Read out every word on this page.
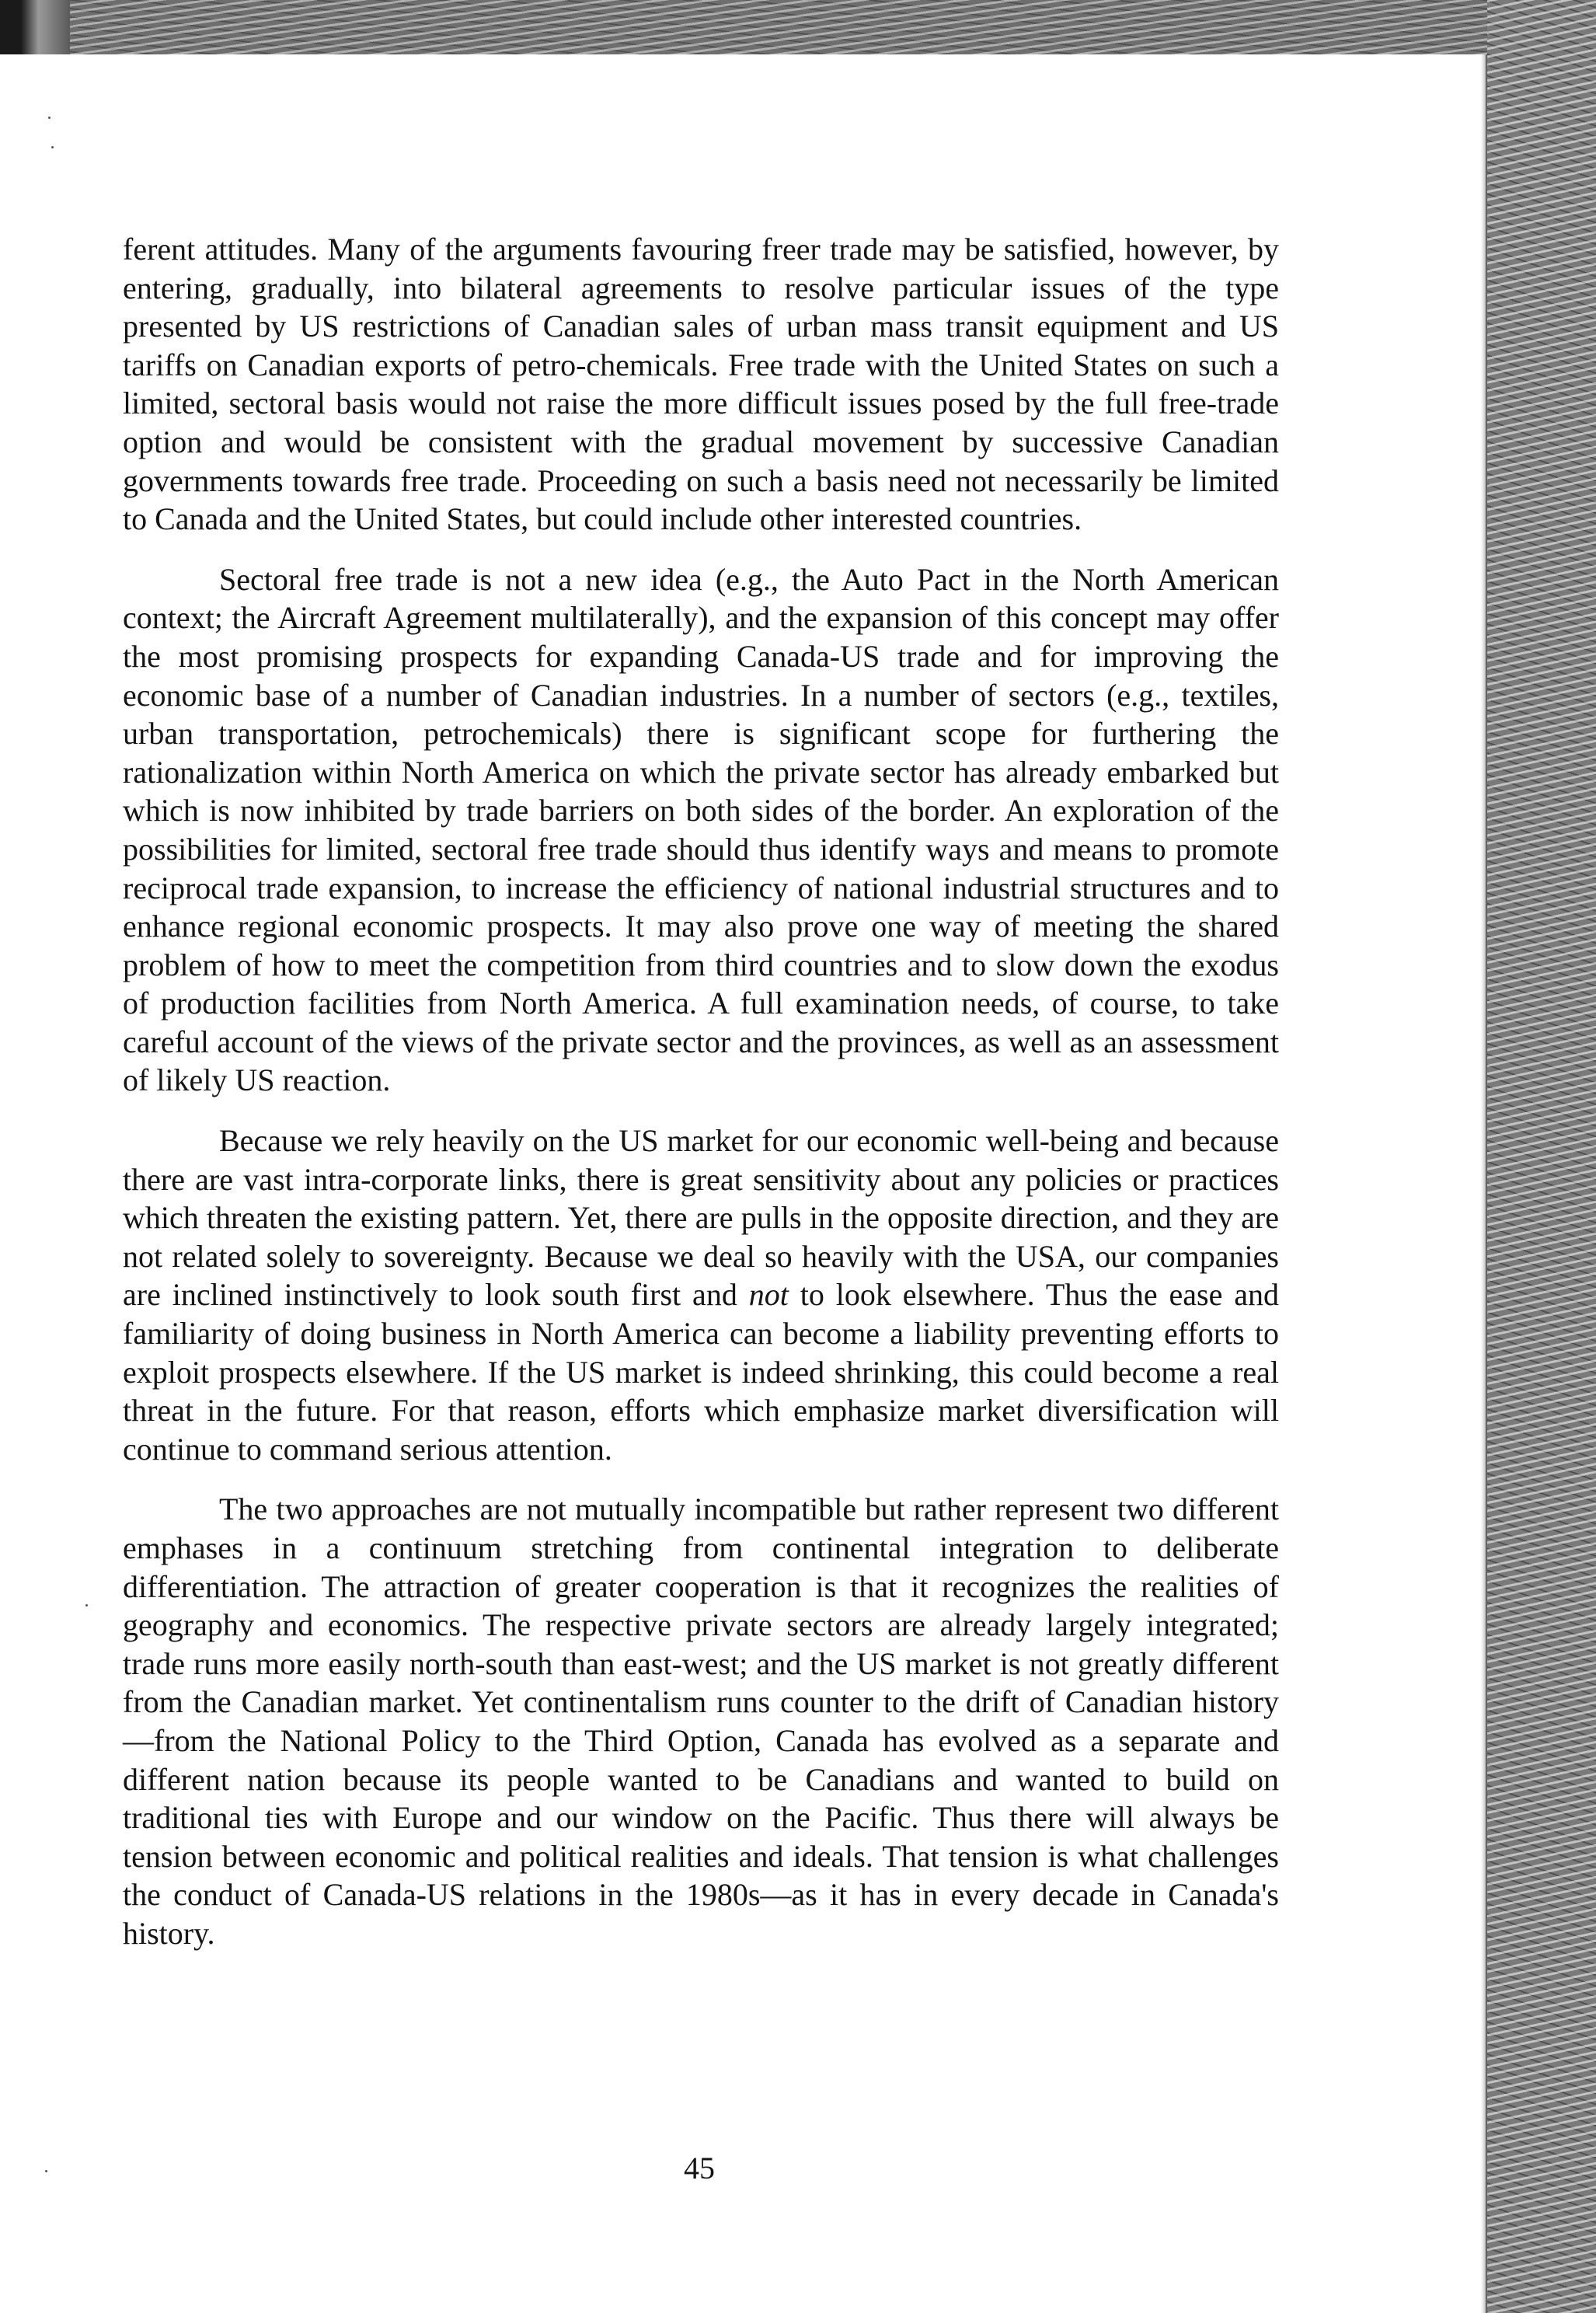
ferent attitudes. Many of the arguments favouring freer trade may be satisfied, however, by entering, gradually, into bilateral agreements to resolve particular issues of the type presented by US restrictions of Canadian sales of urban mass transit equipment and US tariffs on Canadian exports of petro-chemicals. Free trade with the United States on such a limited, sectoral basis would not raise the more difficult issues posed by the full free-trade option and would be consistent with the gradual movement by successive Canadian governments towards free trade. Proceeding on such a basis need not necessarily be limited to Canada and the United States, but could include other interested countries.

Sectoral free trade is not a new idea (e.g., the Auto Pact in the North American context; the Aircraft Agreement multilaterally), and the expansion of this concept may offer the most promising prospects for expanding Canada-US trade and for improving the economic base of a number of Canadian industries. In a number of sectors (e.g., textiles, urban transportation, petrochemicals) there is significant scope for furthering the rationalization within North America on which the private sector has already embarked but which is now inhibited by trade barriers on both sides of the border. An exploration of the possibilities for limited, sectoral free trade should thus identify ways and means to promote reciprocal trade expansion, to increase the efficiency of national industrial structures and to enhance regional economic prospects. It may also prove one way of meeting the shared problem of how to meet the competition from third countries and to slow down the exodus of production facilities from North America. A full examination needs, of course, to take careful account of the views of the private sector and the provinces, as well as an assessment of likely US reaction.

Because we rely heavily on the US market for our economic well-being and because there are vast intra-corporate links, there is great sensitivity about any policies or practices which threaten the existing pattern. Yet, there are pulls in the opposite direction, and they are not related solely to sovereignty. Because we deal so heavily with the USA, our companies are inclined instinctively to look south first and not to look elsewhere. Thus the ease and familiarity of doing business in North America can become a liability preventing efforts to exploit prospects elsewhere. If the US market is indeed shrinking, this could become a real threat in the future. For that reason, efforts which emphasize market diversification will continue to command serious attention.

The two approaches are not mutually incompatible but rather represent two different emphases in a continuum stretching from continental integration to deliberate differentiation. The attraction of greater cooperation is that it recognizes the realities of geography and economics. The respective private sectors are already largely integrated; trade runs more easily north-south than east-west; and the US market is not greatly different from the Canadian market. Yet continentalism runs counter to the drift of Canadian history—from the National Policy to the Third Option, Canada has evolved as a separate and different nation because its people wanted to be Canadians and wanted to build on traditional ties with Europe and our window on the Pacific. Thus there will always be tension between economic and political realities and ideals. That tension is what challenges the conduct of Canada-US relations in the 1980s—as it has in every decade in Canada's history.

45
